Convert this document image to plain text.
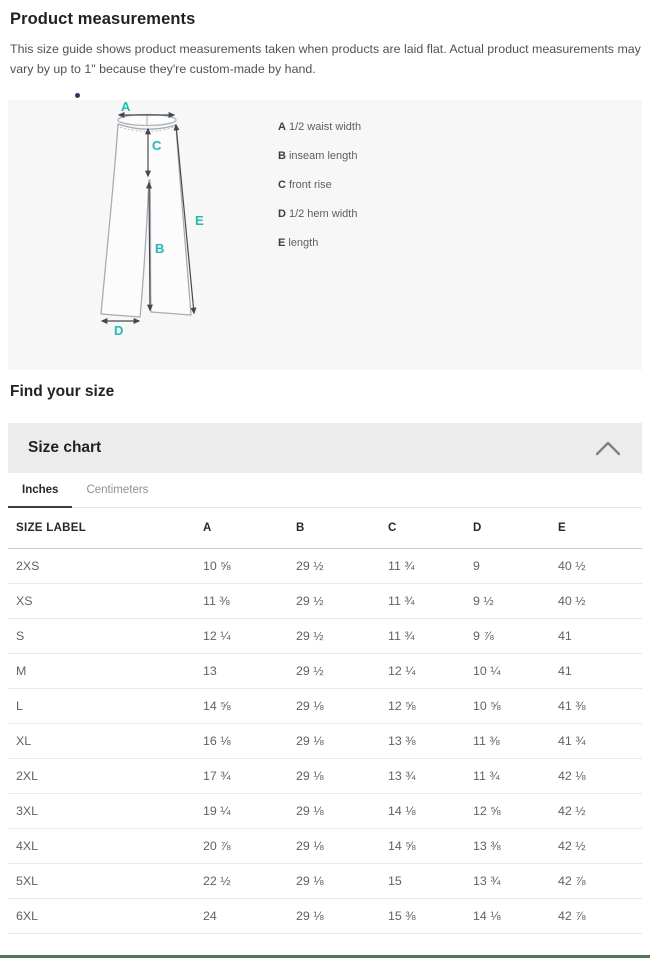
Product measurements

This size guide shows product measurements taken when products are laid flat. Actual product measurements may vary by up to 1" because they're custom-made by hand.

A
C
B
E
D
A 1/2 waist width
B inseam length
C front rise
D 1/2 hem width
E length
Find your size
Size chart
Inches	Centimeters
SIZE LABEL	A	B	C	D	E
2XS	10 ⅝	29 ½	11 ¾	9	40 ½
XS	11 ⅜	29 ½	11 ¾	9 ½	40 ½
S	12 ¼	29 ½	11 ¾	9 ⅞	41
M	13	29 ½	12 ¼	10 ¼	41
L	14 ⅝	29 ⅛	12 ⅝	10 ⅝	41 ⅜
XL	16 ⅛	29 ⅛	13 ⅜	11 ⅜	41 ¾
2XL	17 ¾	29 ⅛	13 ¾	11 ¾	42 ⅛
3XL	19 ¼	29 ⅛	14 ⅛	12 ⅝	42 ½
4XL	20 ⅞	29 ⅛	14 ⅝	13 ⅜	42 ½
5XL	22 ½	29 ⅛	15	13 ¾	42 ⅞
6XL	24	29 ⅛	15 ⅜	14 ⅛	42 ⅞
